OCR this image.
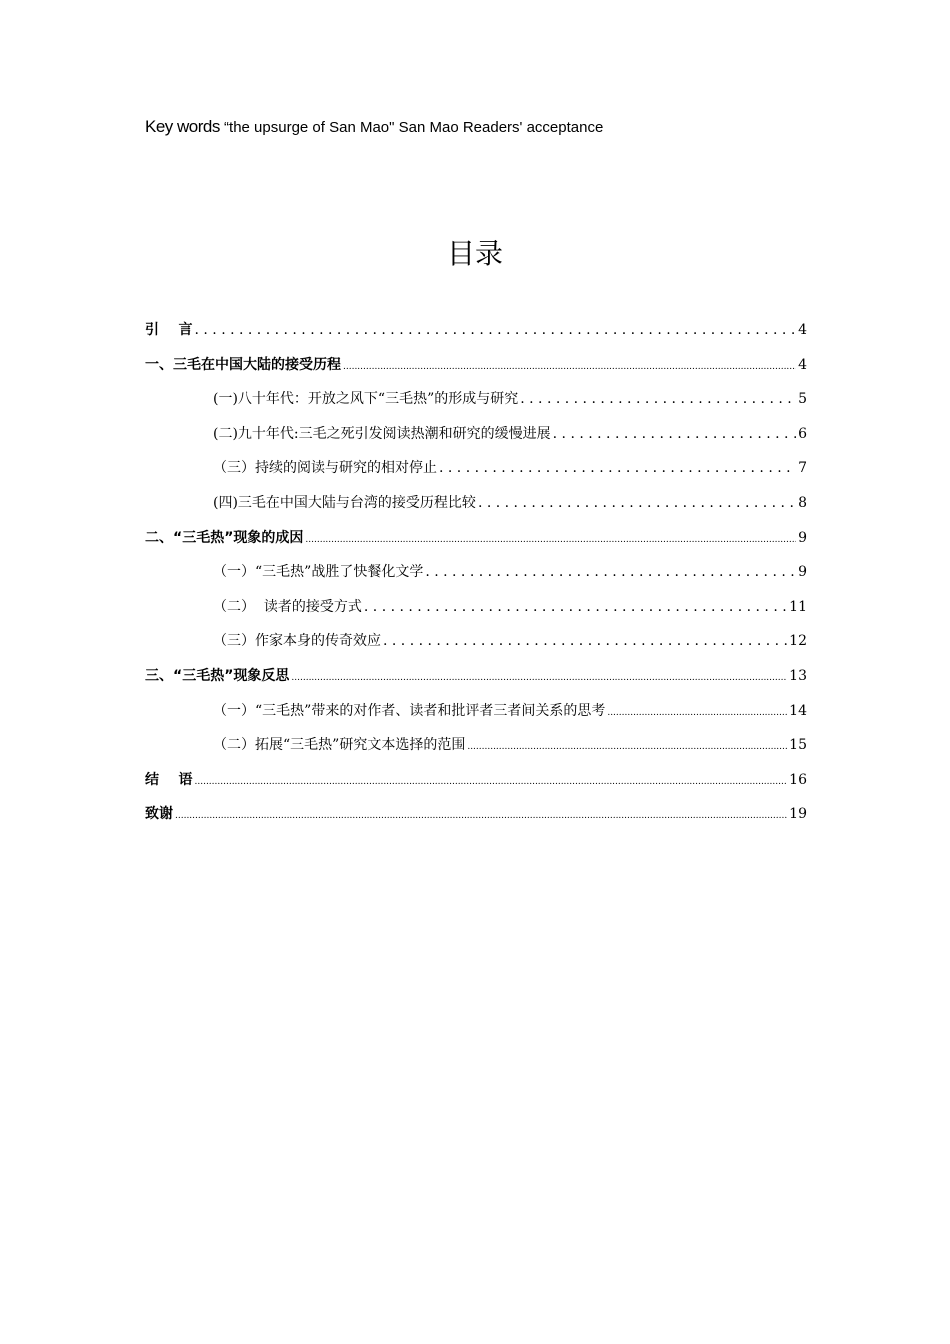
Key words “the upsurge of San Mao" San Mao Readers' acceptance
目录
引    言 . . .	4
一、三毛在中国大陆的接受历程 .....	4
(一)八十年代：开放之风下“三毛热”的形成与研究 . . .	5
(二)九十年代:三毛之死引发阅读热潮和研究的缓慢进展 . . .	6
（三）持续的阅读与研究的相对停止 . . .	7
(四)三毛在中国大陆与台湾的接受历程比较 . . .	8
二、“三毛热”现象的成因 .....	9
（一）“三毛热”战胜了快餐化文学 . . .	9
（二）  读者的接受方式 . . .	11
（三）作家本身的传奇效应 . . .	12
三、“三毛热”现象反思 .....	13
（一）“三毛热”带来的对作者、读者和批评者三者间关系的思考 .....	14
（二）拓展“三毛热”研究文本选择的范围 .....	15
结    语 .....	16
致谢 .....	19
